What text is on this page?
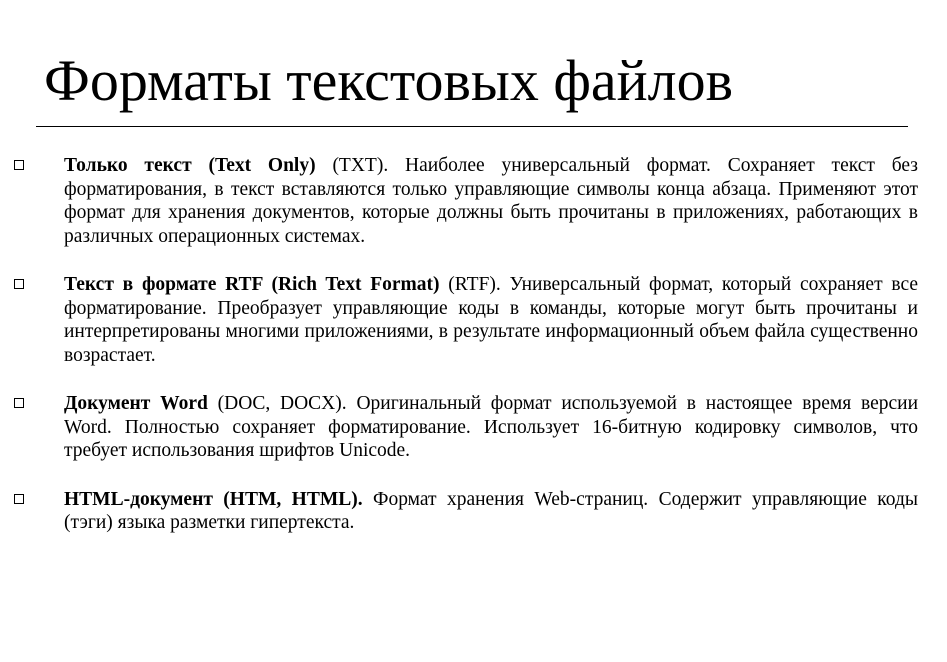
Форматы текстовых файлов
Только текст (Text Only) (TXT). Наиболее универсальный формат. Сохраняет текст без форматирования, в текст вставляются только управляющие символы конца абзаца. Применяют этот формат для хранения документов, которые должны быть прочитаны в приложениях, работающих в различных операционных системах.
Текст в формате RTF (Rich Text Format) (RTF). Универсальный формат, который сохраняет все форматирование. Преобразует управляющие коды в команды, которые могут быть прочитаны и интерпретированы многими приложениями, в результате информационный объем файла существенно возрастает.
Документ Word (DOC, DOCX). Оригинальный формат используемой в настоящее время версии Word. Полностью сохраняет форматирование. Использует 16-битную кодировку символов, что требует использования шрифтов Unicode.
HTML-документ (HTM, HTML). Формат хранения Web-страниц. Содержит управляющие коды (тэги) языка разметки гипертекста.
